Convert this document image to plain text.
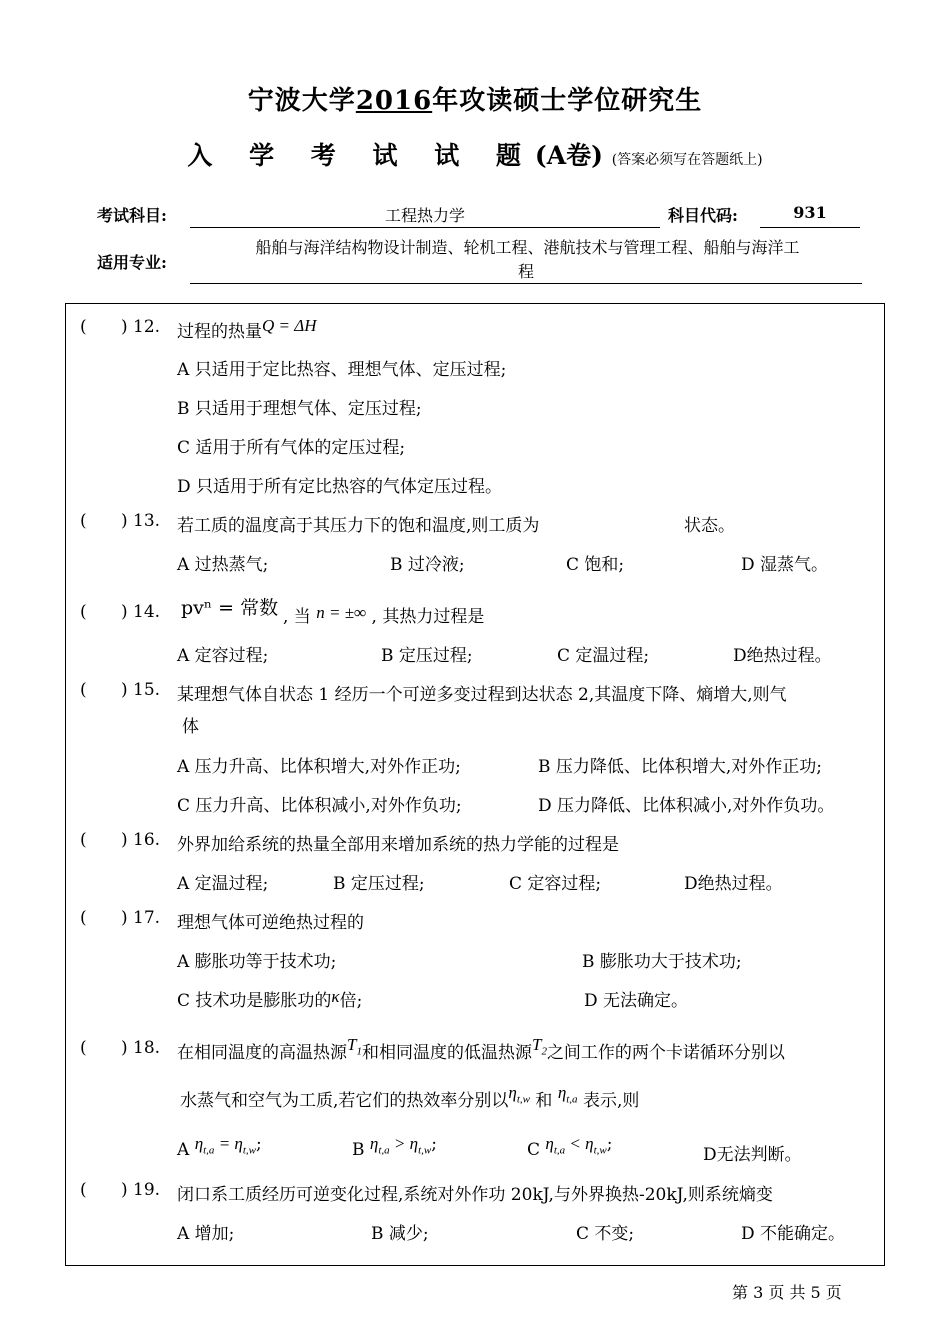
宁波大学2016年攻读硕士学位研究生
入 学 考 试 试 题(A卷) (答案必须写在答题纸上)
考试科目:	工程热力学	科目代码:	931
适用专业:
船舶与海洋结构物设计制造、轮机工程、港航技术与管理工程、船舶与海洋工
程
( ) 12. 过程的热量Q = ΔH
A 只适用于定比热容、理想气体、定压过程;
B 只适用于理想气体、定压过程;
C 适用于所有气体的定压过程;
D 只适用于所有定比热容的气体定压过程。
( ) 13. 若工质的温度高于其压力下的饱和温度,则工质为	状态。
A 过热蒸气;	B 过冷液;	C 饱和;	D 湿蒸气。
( ) 14. pvⁿ = 常数 , 当 n = ±∞ , 其热力过程是
A 定容过程;	B 定压过程;	C 定温过程;	D绝热过程。
( ) 15. 某理想气体自状态 1 经历一个可逆多变过程到达状态 2,其温度下降、熵增大,则气
体
A 压力升高、比体积增大,对外作正功;	B 压力降低、比体积增大,对外作正功;
C 压力升高、比体积减小,对外作负功;	D 压力降低、比体积减小,对外作负功。
( ) 16. 外界加给系统的热量全部用来增加系统的热力学能的过程是
A 定温过程;	B 定压过程;	C 定容过程;	D绝热过程。
( ) 17. 理想气体可逆绝热过程的
A 膨胀功等于技术功;	B 膨胀功大于技术功;
C 技术功是膨胀功的κ倍;	D 无法确定。
( ) 18. 在相同温度的高温热源$T_1$和相同温度的低温热源$T_2$之间工作的两个卡诺循环分别以
水蒸气和空气为工质,若它们的热效率分别以$\eta_{t,w}$ 和 $\eta_{t,a}$ 表示,则
A $\eta_{t,a} = \eta_{t,w}$;	B $\eta_{t,a} > \eta_{t,w}$;	C $\eta_{t,a} < \eta_{t,w}$;
D无法判断。
( ) 19. 闭口系工质经历可逆变化过程,系统对外作功 20kJ,与外界换热-20kJ,则系统熵变
A 增加;	B 减少;	C 不变;	D 不能确定。
第 3 页 共 5 页
